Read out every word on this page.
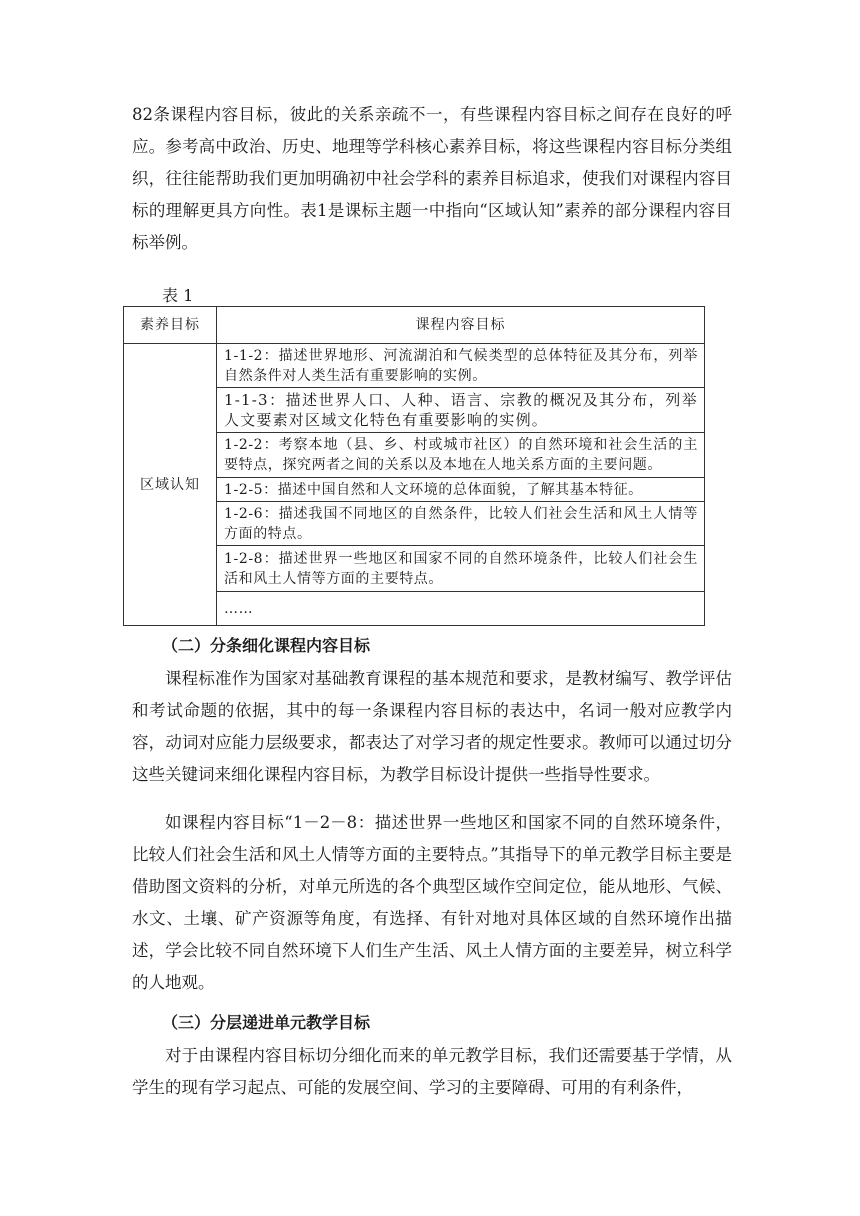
82条课程内容目标，彼此的关系亲疏不一，有些课程内容目标之间存在良好的呼应。参考高中政治、历史、地理等学科核心素养目标，将这些课程内容目标分类组织，往往能帮助我们更加明确初中社会学科的素养目标追求，使我们对课程内容目标的理解更具方向性。表1是课标主题一中指向“区域认知”素养的部分课程内容目标举例。

表 1
素养目标	课程内容目标
区域认知	1-1-2：描述世界地形、河流湖泊和气候类型的总体特征及其分布，列举自然条件对人类生活有重要影响的实例。
	1-1-3：描述世界人口、人种、语言、宗教的概况及其分布，列举人文要素对区域文化特色有重要影响的实例。
	1-2-2：考察本地（县、乡、村或城市社区）的自然环境和社会生活的主要特点，探究两者之间的关系以及本地在人地关系方面的主要问题。
	1-2-5：描述中国自然和人文环境的总体面貌，了解其基本特征。
	1-2-6：描述我国不同地区的自然条件，比较人们社会生活和风土人情等方面的特点。
	1-2-8：描述世界一些地区和国家不同的自然环境条件，比较人们社会生活和风土人情等方面的主要特点。
	……
（二）分条细化课程内容目标

课程标准作为国家对基础教育课程的基本规范和要求，是教材编写、教学评估和考试命题的依据，其中的每一条课程内容目标的表达中，名词一般对应教学内容，动词对应能力层级要求，都表达了对学习者的规定性要求。教师可以通过切分这些关键词来细化课程内容目标，为教学目标设计提供一些指导性要求。

如课程内容目标“1－2－8：描述世界一些地区和国家不同的自然环境条件，比较人们社会生活和风土人情等方面的主要特点。”其指导下的单元教学目标主要是借助图文资料的分析，对单元所选的各个典型区域作空间定位，能从地形、气候、水文、土壤、矿产资源等角度，有选择、有针对地对具体区域的自然环境作出描述，学会比较不同自然环境下人们生产生活、风土人情方面的主要差异，树立科学的人地观。

（三）分层递进单元教学目标

对于由课程内容目标切分细化而来的单元教学目标，我们还需要基于学情，从学生的现有学习起点、可能的发展空间、学习的主要障碍、可用的有利条件，
